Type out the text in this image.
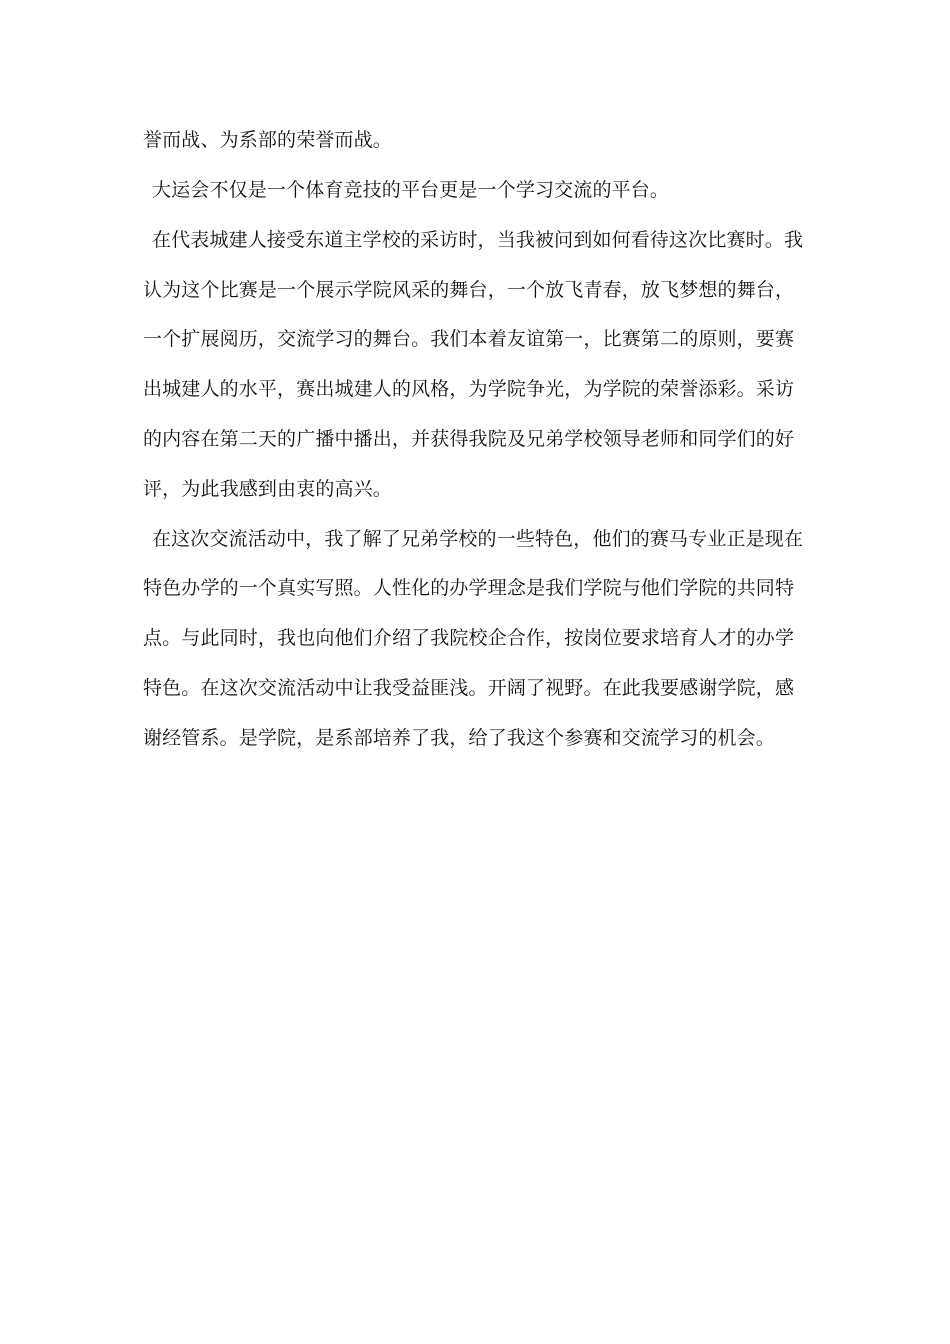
誉而战、为系部的荣誉而战。
大运会不仅是一个体育竞技的平台更是一个学习交流的平台。
在代表城建人接受东道主学校的采访时，当我被问到如何看待这次比赛时。我
认为这个比赛是一个展示学院风采的舞台，一个放飞青春，放飞梦想的舞台，
一个扩展阅历，交流学习的舞台。我们本着友谊第一，比赛第二的原则，要赛
出城建人的水平，赛出城建人的风格，为学院争光，为学院的荣誉添彩。采访
的内容在第二天的广播中播出，并获得我院及兄弟学校领导老师和同学们的好
评，为此我感到由衷的高兴。
在这次交流活动中，我了解了兄弟学校的一些特色，他们的赛马专业正是现在
特色办学的一个真实写照。人性化的办学理念是我们学院与他们学院的共同特
点。与此同时，我也向他们介绍了我院校企合作，按岗位要求培育人才的办学
特色。在这次交流活动中让我受益匪浅。开阔了视野。在此我要感谢学院，感
谢经管系。是学院，是系部培养了我，给了我这个参赛和交流学习的机会。
